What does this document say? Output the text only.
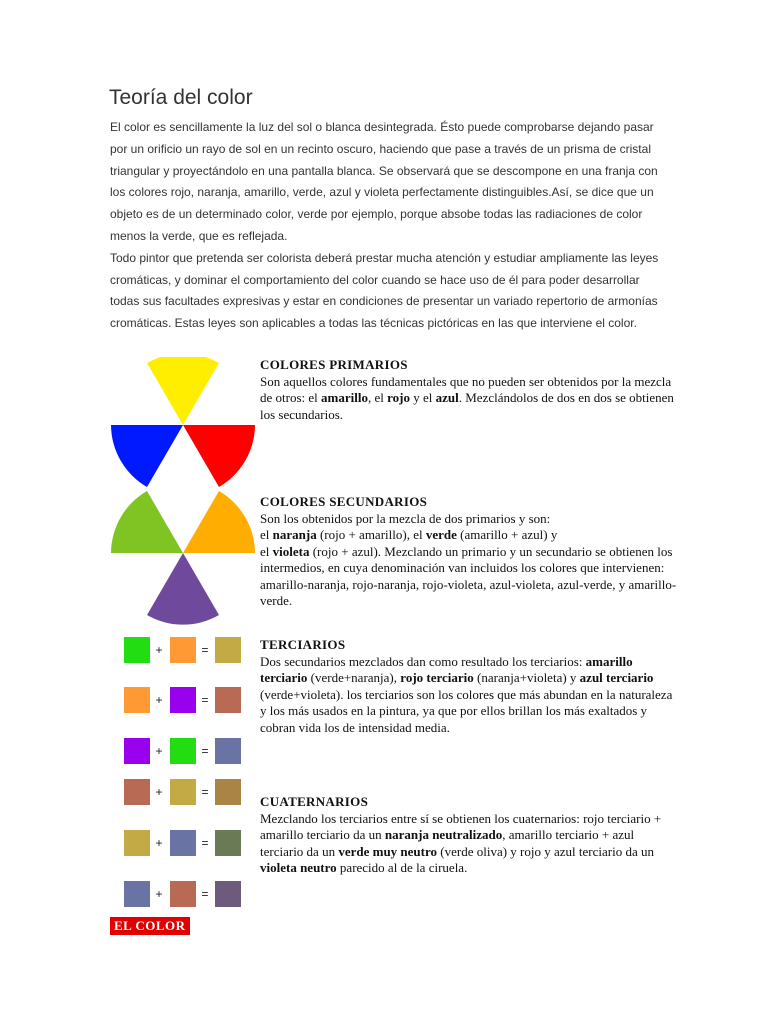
Teoría del color

El color es sencillamente la luz del sol o blanca desintegrada. Ésto puede comprobarse dejando pasar por un orificio un rayo de sol en un recinto oscuro, haciendo que pase a través de un prisma de cristal triangular y proyectándolo en una pantalla blanca. Se observará que se descompone en una franja con los colores rojo, naranja, amarillo, verde, azul y violeta perfectamente distinguibles.Así, se dice que un objeto es de un determinado color, verde por ejemplo, porque absobe todas las radiaciones de color menos la verde, que es reflejada.

Todo pintor que pretenda ser colorista deberá prestar mucha atención y estudiar ampliamente las leyes cromáticas, y dominar el comportamiento del color cuando se hace uso de él para poder desarrollar todas sus facultades expresivas y estar en condiciones de presentar un variado repertorio de armonías cromáticas. Estas leyes son aplicables a todas las técnicas pictóricas en las que interviene el color.

COLORES PRIMARIOS

Son aquellos colores fundamentales que no pueden ser obtenidos por la mezcla de otros: el amarillo, el rojo y el azul. Mezclándolos de dos en dos se obtienen los secundarios.

COLORES SECUNDARIOS

Son los obtenidos por la mezcla de dos primarios y son:
el naranja (rojo + amarillo), el verde (amarillo + azul) y
el violeta (rojo + azul). Mezclando un primario y un secundario se obtienen los intermedios, en cuya denominación van incluidos los colores que intervienen: amarillo-naranja, rojo-naranja, rojo-violeta, azul-violeta, azul-verde, y amarillo-verde.

+	=
+	=
+	=
+	=
+	=
+	=
TERCIARIOS

Dos secundarios mezclados dan como resultado los terciarios: amarillo terciario (verde+naranja), rojo terciario (naranja+violeta) y azul terciario (verde+violeta). los terciarios son los colores que más abundan en la naturaleza y los más usados en la pintura, ya que por ellos brillan los más exaltados y cobran vida los de intensidad media.

CUATERNARIOS

Mezclando los terciarios entre sí se obtienen los cuaternarios: rojo terciario + amarillo terciario da un naranja neutralizado, amarillo terciario + azul terciario da un verde muy neutro (verde oliva) y rojo y azul terciario da un violeta neutro parecido al de la ciruela.

EL COLOR
